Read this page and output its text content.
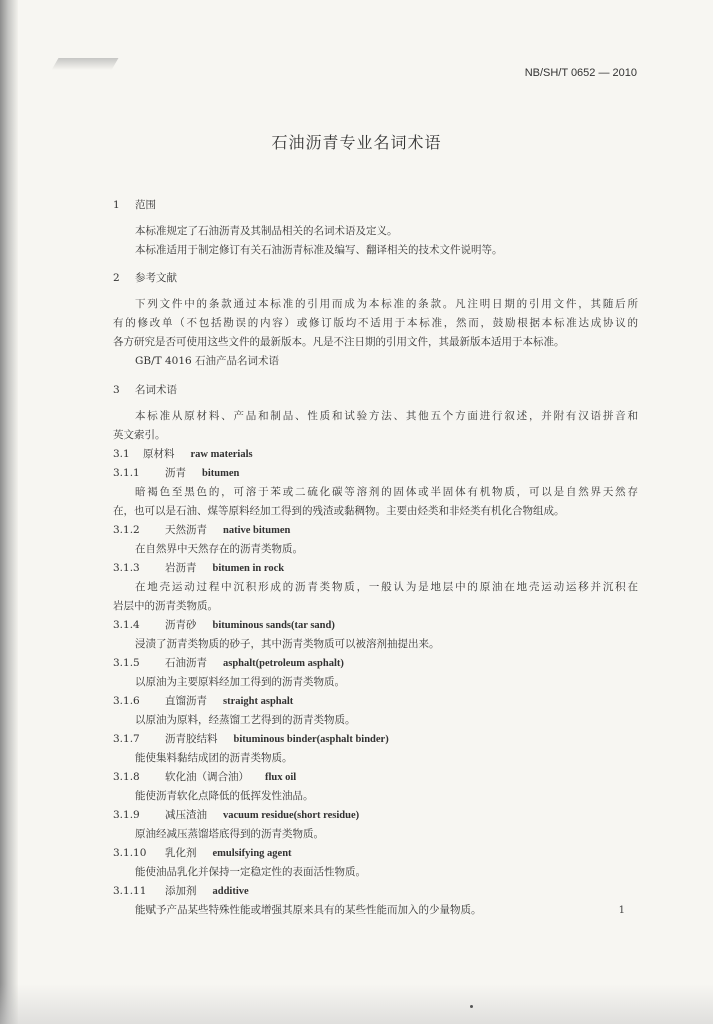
NB/SH/T 0652 — 2010
石油沥青专业名词术语
1 范围
本标准规定了石油沥青及其制品相关的名词术语及定义。
本标准适用于制定修订有关石油沥青标准及编写、翻译相关的技术文件说明等。
2 参考文献
下列文件中的条款通过本标准的引用而成为本标准的条款。凡注明日期的引用文件，其随后所
有的修改单（不包括勘误的内容）或修订版均不适用于本标准，然而，鼓励根据本标准达成协议的
各方研究是否可使用这些文件的最新版本。凡是不注日期的引用文件，其最新版本适用于本标准。
GB/T 4016 石油产品名词术语
3 名词术语
本标准从原材料、产品和制品、性质和试验方法、其他五个方面进行叙述，并附有汉语拼音和
英文索引。
3.1 原材料 raw materials
3.1.1 沥青 bitumen
暗褐色至黑色的，可溶于苯或二硫化碳等溶剂的固体或半固体有机物质，可以是自然界天然存
在，也可以是石油、煤等原料经加工得到的残渣或黏稠物。主要由烃类和非烃类有机化合物组成。
3.1.2 天然沥青 native bitumen
在自然界中天然存在的沥青类物质。
3.1.3 岩沥青 bitumen in rock
在地壳运动过程中沉积形成的沥青类物质，一般认为是地层中的原油在地壳运动运移并沉积在
岩层中的沥青类物质。
3.1.4 沥青砂 bituminous sands(tar sand)
浸渍了沥青类物质的砂子，其中沥青类物质可以被溶剂抽提出来。
3.1.5 石油沥青 asphalt(petroleum asphalt)
以原油为主要原料经加工得到的沥青类物质。
3.1.6 直馏沥青 straight asphalt
以原油为原料，经蒸馏工艺得到的沥青类物质。
3.1.7 沥青胶结料 bituminous binder(asphalt binder)
能使集料黏结成团的沥青类物质。
3.1.8 软化油（调合油） flux oil
能使沥青软化点降低的低挥发性油品。
3.1.9 减压渣油 vacuum residue(short residue)
原油经减压蒸馏塔底得到的沥青类物质。
3.1.10 乳化剂 emulsifying agent
能使油品乳化并保持一定稳定性的表面活性物质。
3.1.11 添加剂 additive
能赋予产品某些特殊性能或增强其原来具有的某些性能而加入的少量物质。	1
